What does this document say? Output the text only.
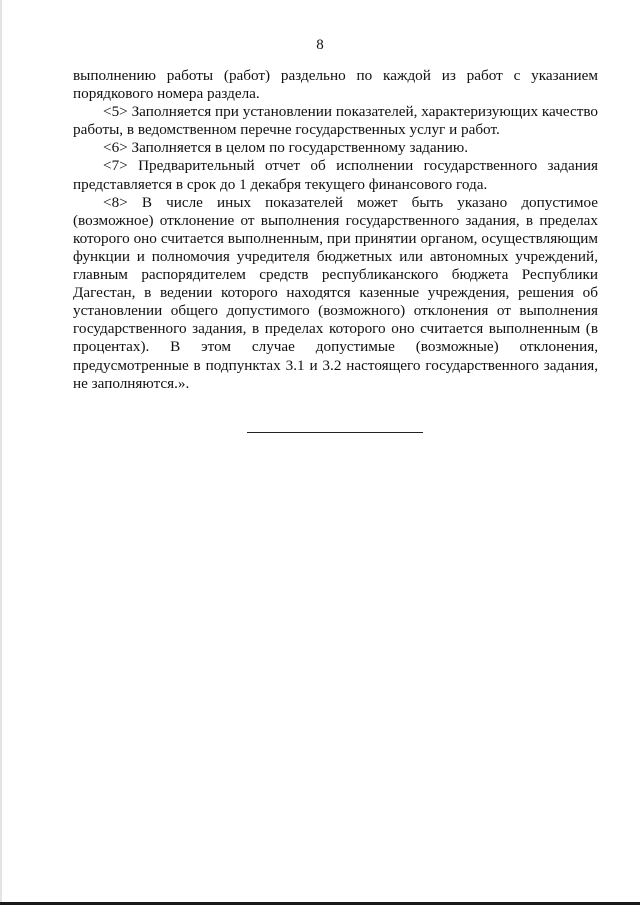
8

выполнению работы (работ) раздельно по каждой из работ с указанием порядкового номера раздела.

<5> Заполняется при установлении показателей, характеризующих качество работы, в ведомственном перечне государственных услуг и работ.

<6> Заполняется в целом по государственному заданию.

<7> Предварительный отчет об исполнении государственного задания представляется в срок до 1 декабря текущего финансового года.

<8> В числе иных показателей может быть указано допустимое (возможное) отклонение от выполнения государственного задания, в пределах которого оно считается выполненным, при принятии органом, осуществляющим функции и полномочия учредителя бюджетных или автономных учреждений, главным распорядителем средств республиканского бюджета Республики Дагестан, в ведении которого находятся казенные учреждения, решения об установлении общего допустимого (возможного) отклонения от выполнения государственного задания, в пределах которого оно считается выполненным (в процентах). В этом случае допустимые (возможные) отклонения, предусмотренные в подпунктах 3.1 и 3.2 настоящего государственного задания, не заполняются.».
